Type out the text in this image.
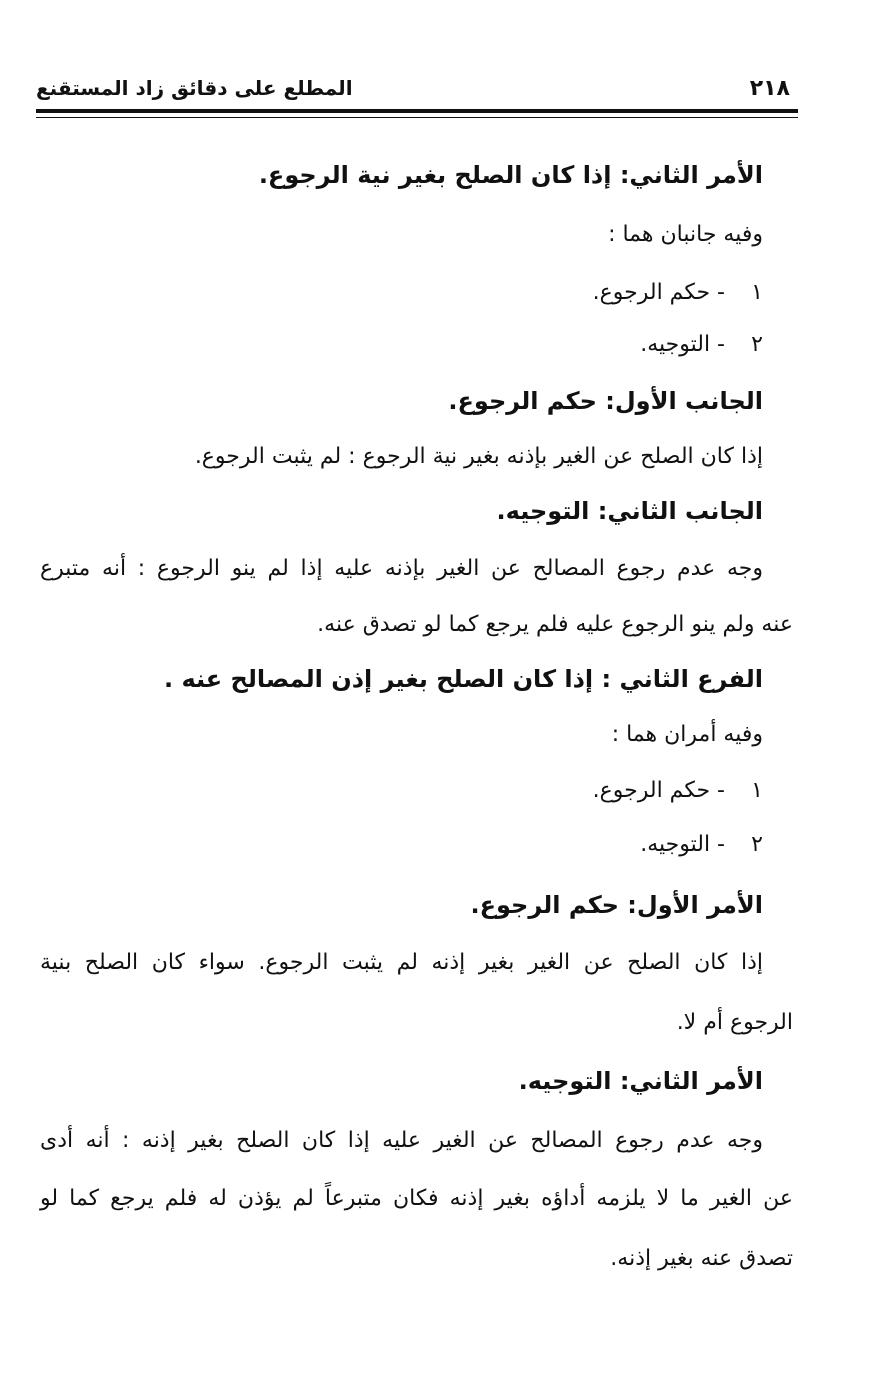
٢١٨
المطلع على دقائق زاد المستقنع
الأمر الثاني: إذا كان الصلح بغير نية الرجوع.
وفيه جانبان هما :
١- حكم الرجوع.
٢- التوجيه.
الجانب الأول: حكم الرجوع.
إذا كان الصلح عن الغير بإذنه بغير نية الرجوع : لم يثبت الرجوع.
الجانب الثاني: التوجيه.
وجه عدم رجوع المصالح عن الغير بإذنه عليه إذا لم ينو الرجوع : أنه متبرع
عنه ولم ينو الرجوع عليه فلم يرجع كما لو تصدق عنه.
الفرع الثاني : إذا كان الصلح بغير إذن المصالح عنه .
وفيه أمران هما :
١- حكم الرجوع.
٢- التوجيه.
الأمر الأول: حكم الرجوع.
إذا كان الصلح عن الغير بغير إذنه لم يثبت الرجوع. سواء كان الصلح بنية
الرجوع أم لا.
الأمر الثاني: التوجيه.
وجه عدم رجوع المصالح عن الغير عليه إذا كان الصلح بغير إذنه : أنه أدى
عن الغير ما لا يلزمه أداؤه بغير إذنه فكان متبرعاً لم يؤذن له فلم يرجع كما لو
تصدق عنه بغير إذنه.
